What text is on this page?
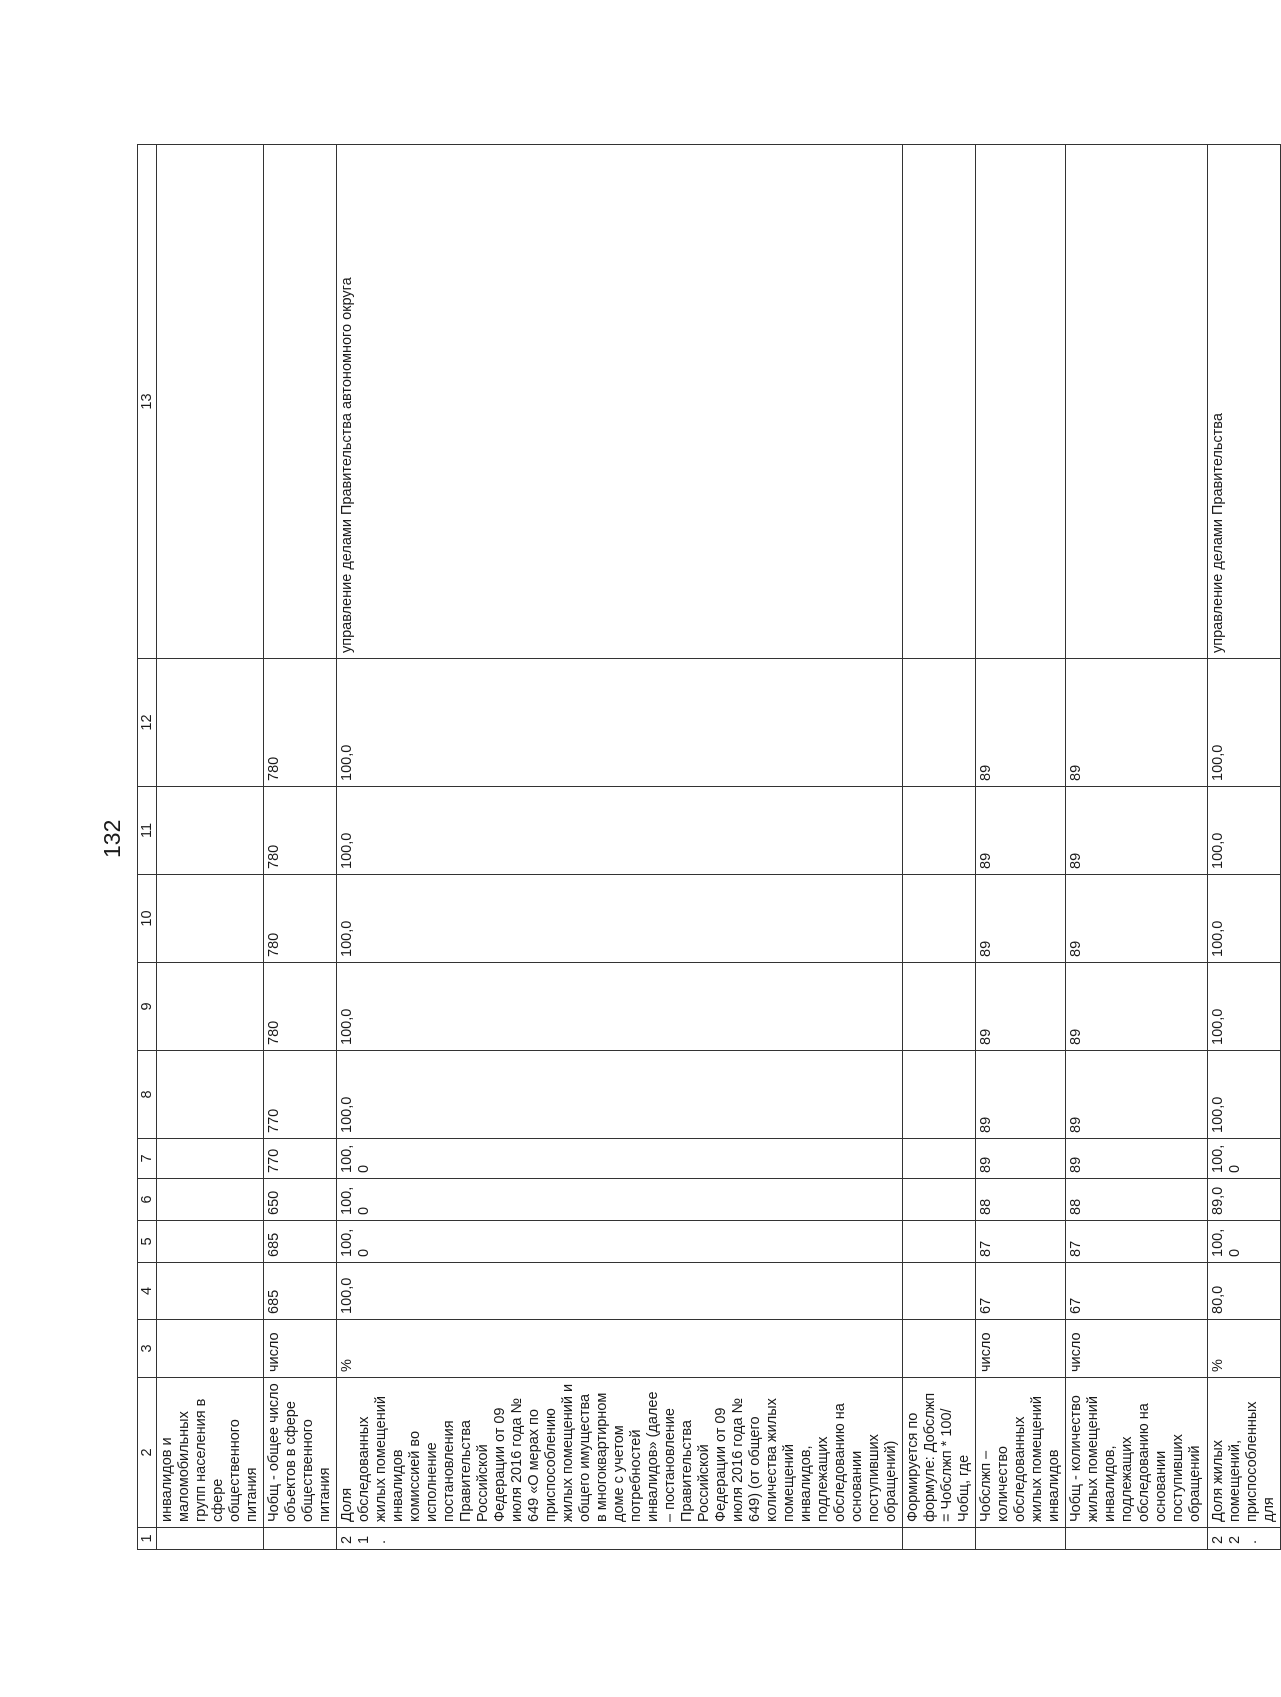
132
1	2	3	4	5	6	7	8	9	10	11	12	13
	инвалидов и маломобильных групп населения в сфере общественного питания											
	Чобщ - общее число объектов в сфере общественного питания	число	685	685	650	770	770	780	780	780	780	
21.	Доля обследованных жилых помещений инвалидов комиссией во исполнение постановления Правительства Российской Федерации от 09 июля 2016 года № 649 «О мерах по приспособлению жилых помещений и общего имущества в многоквартирном доме с учетом потребностей инвалидов» (далее – постановление Правительства Российской Федерации от 09 июля 2016 года № 649) (от общего количества жилых помещений инвалидов, подлежащих обследованию на основании поступивших обращений)	%	100,0	100,0	100,0	100,0	100,0	100,0	100,0	100,0	100,0	управление делами Правительства автономного округа
	Формируется по формуле: Добслжп = Чобслжп * 100/ Чобщ, где											
	Чобслжп – количество обследованных жилых помещений инвалидов	число	67	87	88	89	89	89	89	89	89	
	Чобщ - количество жилых помещений инвалидов, подлежащих обследованию на основании поступивших обращений	число	67	87	88	89	89	89	89	89	89	
22.	Доля жилых помещений, приспособленных для	%	80,0	100,0	89,0	100,0	100,0	100,0	100,0	100,0	100,0	управление делами Правительства
